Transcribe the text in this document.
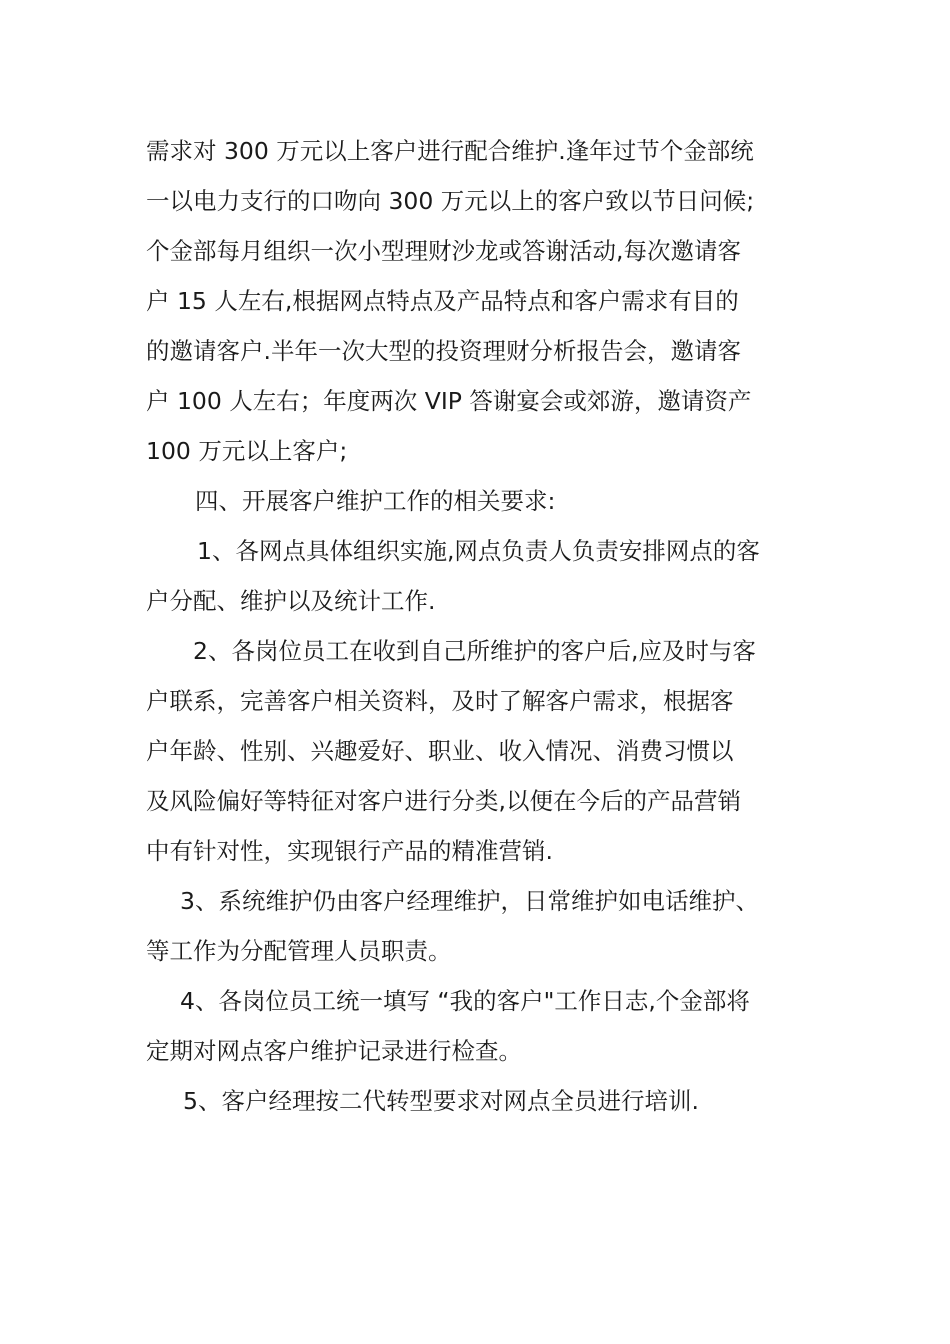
需求对 300 万元以上客户进行配合维护.逢年过节个金部统
一以电力支行的口吻向 300 万元以上的客户致以节日问候;
个金部每月组织一次小型理财沙龙或答谢活动,每次邀请客
户 15 人左右,根据网点特点及产品特点和客户需求有目的
的邀请客户.半年一次大型的投资理财分析报告会，邀请客
户 100 人左右；年度两次 VIP 答谢宴会或郊游，邀请资产
100 万元以上客户;
四、开展客户维护工作的相关要求:
1、各网点具体组织实施,网点负责人负责安排网点的客
户分配、维护以及统计工作.
2、各岗位员工在收到自己所维护的客户后,应及时与客
户联系，完善客户相关资料，及时了解客户需求，根据客
户年龄、性别、兴趣爱好、职业、收入情况、消费习惯以
及风险偏好等特征对客户进行分类,以便在今后的产品营销
中有针对性，实现银行产品的精准营销.
3、系统维护仍由客户经理维护，日常维护如电话维护、
等工作为分配管理人员职责。
4、各岗位员工统一填写 “我的客户"工作日志,个金部将
定期对网点客户维护记录进行检查。
5、客户经理按二代转型要求对网点全员进行培训.
